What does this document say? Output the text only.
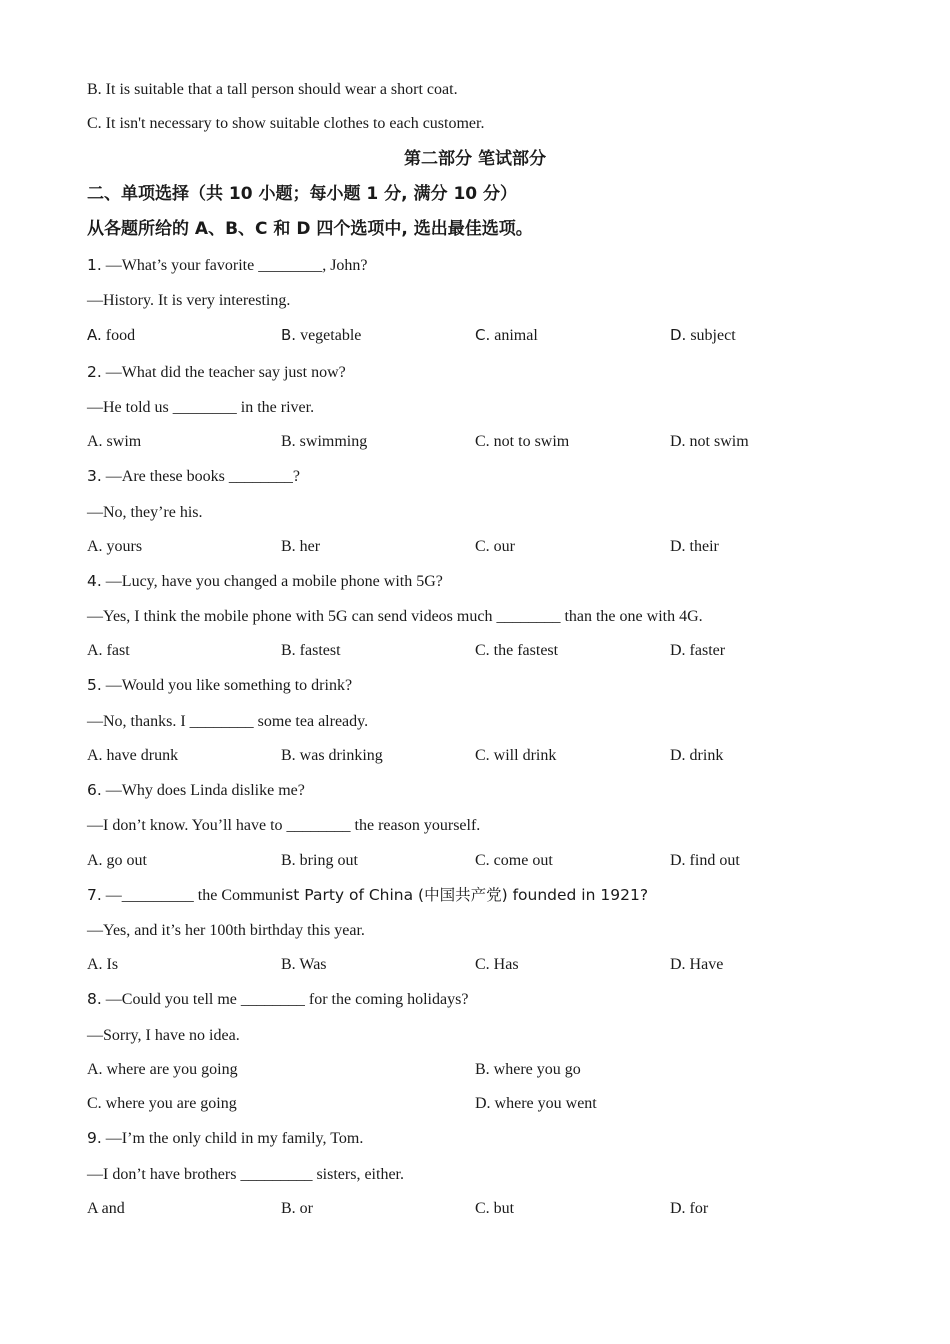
B. It is suitable that a tall person should wear a short coat.
C. It isn't necessary to show suitable clothes to each customer.
第二部分 笔试部分
二、单项选择（共 10 小题；每小题 1 分, 满分 10 分）
从各题所给的 A、B、C 和 D 四个选项中, 选出最佳选项。
1. —What’s your favorite ________, John?
—History. It is very interesting.
A. food	B. vegetable	C. animal	D. subject
2. —What did the teacher say just now?
—He told us ________ in the river.
A. swim	B. swimming	C. not to swim	D. not swim
3. —Are these books ________?
—No, they’re his.
A. yours	B. her	C. our	D. their
4. —Lucy, have you changed a mobile phone with 5G?
—Yes, I think the mobile phone with 5G can send videos much ________ than the one with 4G.
A. fast	B. fastest	C. the fastest	D. faster
5. —Would you like something to drink?
—No, thanks. I ________ some tea already.
A. have drunk	B. was drinking	C. will drink	D. drink
6. —Why does Linda dislike me?
—I don’t know. You’ll have to ________ the reason yourself.
A. go out	B. bring out	C. come out	D. find out
7. —_________ the Communist Party of China (中国共产党) founded in 1921?
—Yes, and it’s her 100th birthday this year.
A. Is	B. Was	C. Has	D. Have
8. —Could you tell me ________ for the coming holidays?
—Sorry, I have no idea.
A. where are you going	B. where you go
C. where you are going	D. where you went
9. —I’m the only child in my family, Tom.
—I don’t have brothers _________ sisters, either.
A and	B. or	C. but	D. for
